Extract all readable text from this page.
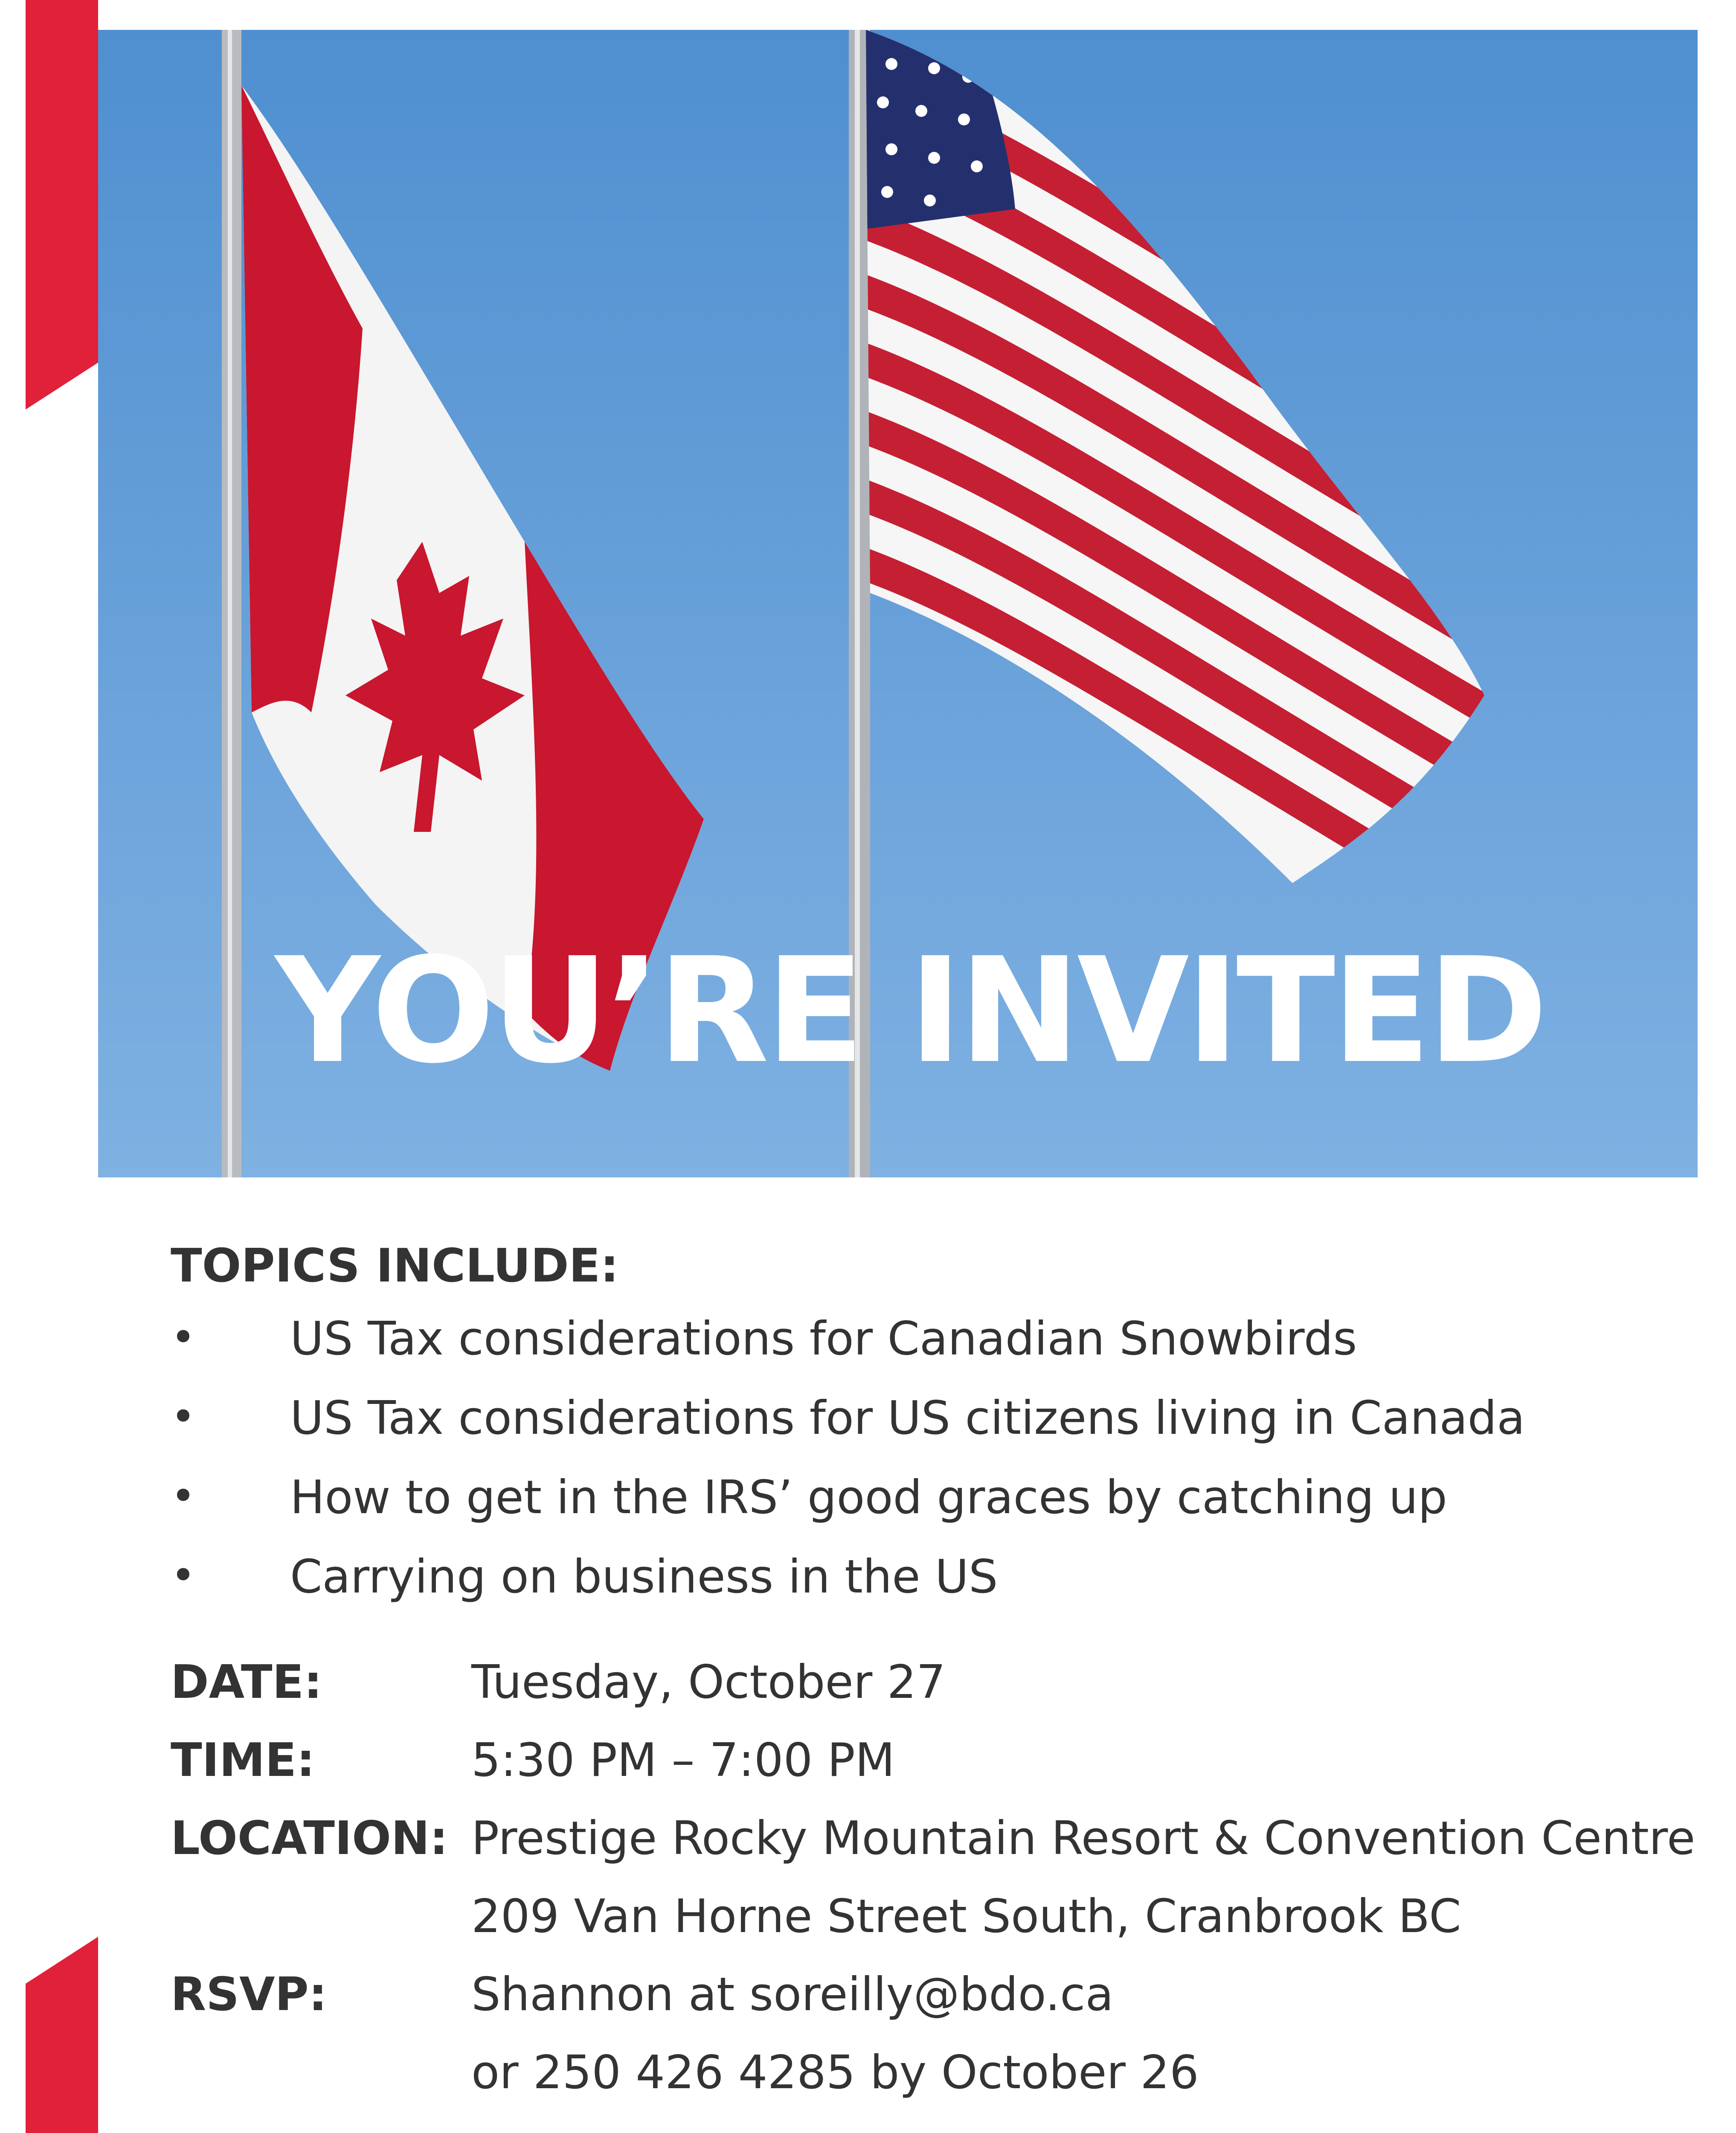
YOU’RE INVITED
TOPICS INCLUDE:
• US Tax considerations for Canadian Snowbirds
• US Tax considerations for US citizens living in Canada
• How to get in the IRS’ good graces by catching up
• Carrying on business in the US
DATE:	Tuesday, October 27
TIME:	5:30 PM – 7:00 PM
LOCATION: Prestige Rocky Mountain Resort & Convention Centre
209 Van Horne Street South, Cranbrook BC
RSVP:	Shannon at soreilly@bdo.ca
or 250 426 4285 by October 26
